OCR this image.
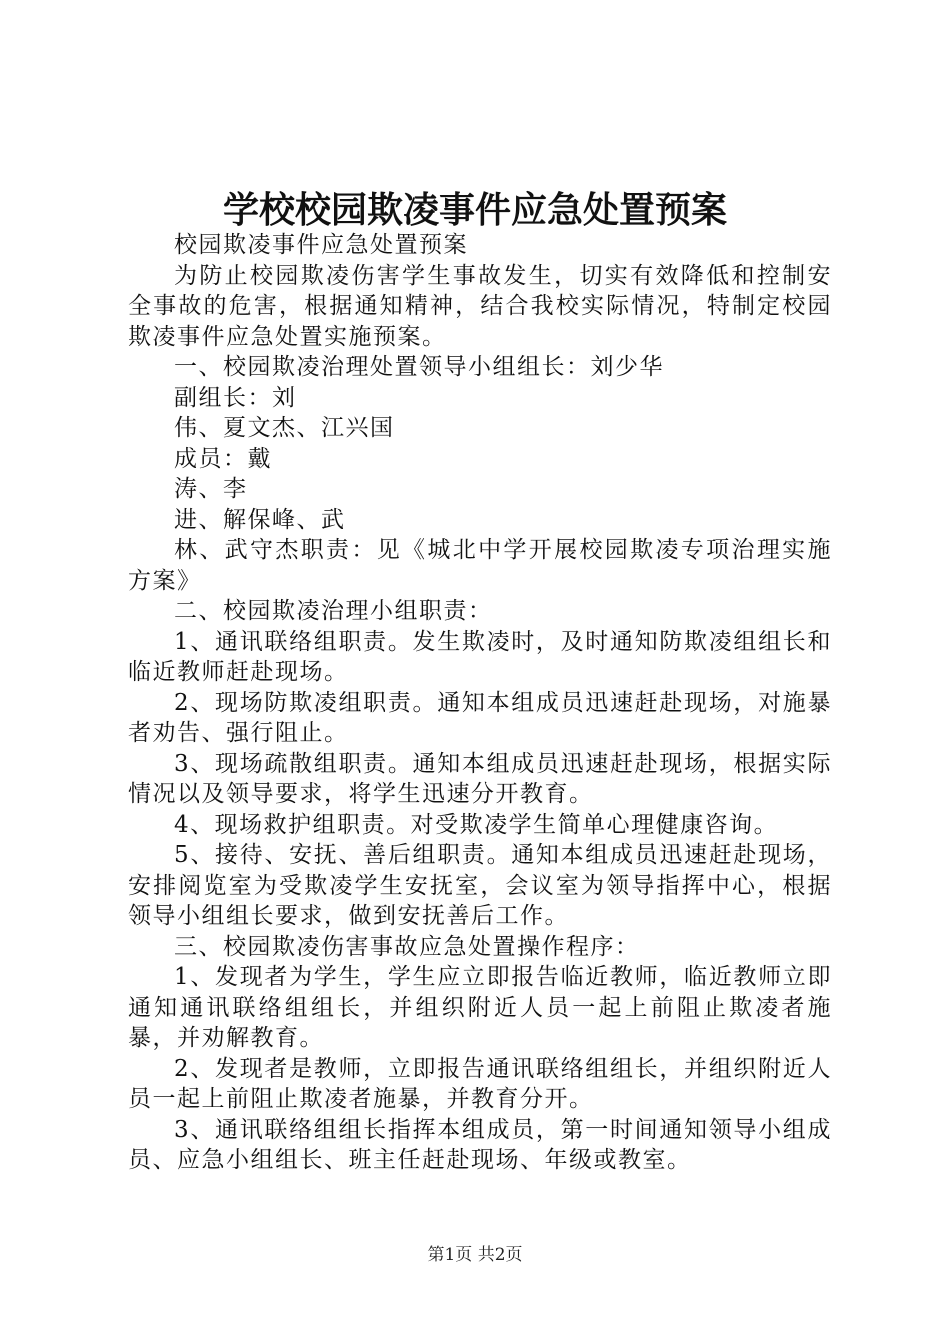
学校校园欺凌事件应急处置预案

校园欺凌事件应急处置预案

为防止校园欺凌伤害学生事故发生，切实有效降低和控制安全事故的危害，根据通知精神，结合我校实际情况，特制定校园欺凌事件应急处置实施预案。

一、校园欺凌治理处置领导小组组长：刘少华

副组长：刘

伟、夏文杰、江兴国

成员：戴

涛、李

进、解保峰、武

林、武守杰职责：见《城北中学开展校园欺凌专项治理实施方案》

二、校园欺凌治理小组职责：

1、通讯联络组职责。发生欺凌时，及时通知防欺凌组组长和临近教师赶赴现场。

2、现场防欺凌组职责。通知本组成员迅速赶赴现场，对施暴者劝告、强行阻止。

3、现场疏散组职责。通知本组成员迅速赶赴现场，根据实际情况以及领导要求，将学生迅速分开教育。

4、现场救护组职责。对受欺凌学生简单心理健康咨询。

5、接待、安抚、善后组职责。通知本组成员迅速赶赴现场，安排阅览室为受欺凌学生安抚室，会议室为领导指挥中心，根据领导小组组长要求，做到安抚善后工作。

三、校园欺凌伤害事故应急处置操作程序：

1、发现者为学生，学生应立即报告临近教师，临近教师立即通知通讯联络组组长，并组织附近人员一起上前阻止欺凌者施暴，并劝解教育。

2、发现者是教师，立即报告通讯联络组组长，并组织附近人员一起上前阻止欺凌者施暴，并教育分开。

3、通讯联络组组长指挥本组成员，第一时间通知领导小组成员、应急小组组长、班主任赶赴现场、年级或教室。

第1页 共2页
